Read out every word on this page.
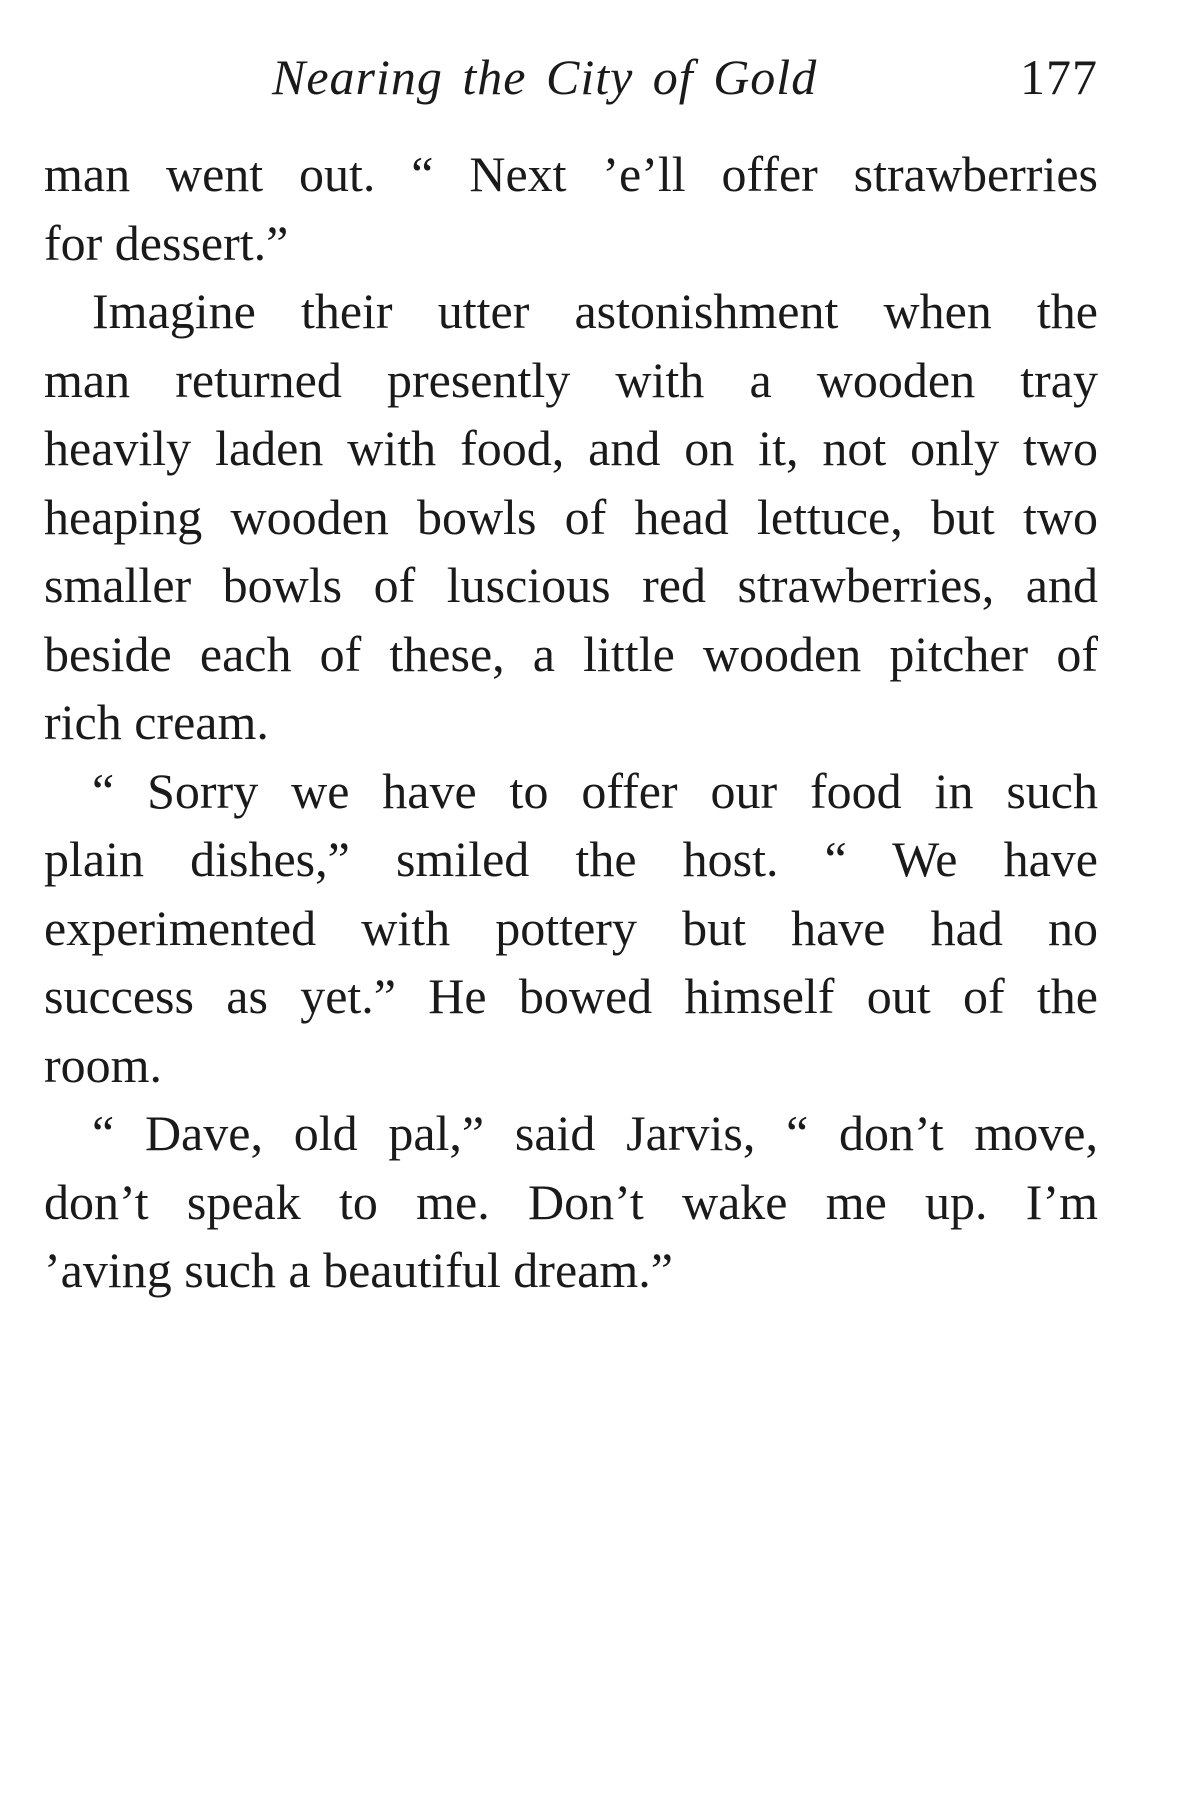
Nearing the City of Gold	177
man went out. “ Next ’e’ll offer strawberries
for dessert.”
Imagine their utter astonishment when the
man returned presently with a wooden tray
heavily laden with food, and on it, not only two
heaping wooden bowls of head lettuce, but two
smaller bowls of luscious red strawberries, and
beside each of these, a little wooden pitcher of
rich cream.
“ Sorry we have to offer our food in such
plain dishes,” smiled the host. “ We have
experimented with pottery but have had no
success as yet.” He bowed himself out of the
room.
“ Dave, old pal,” said Jarvis, “ don’t move,
don’t speak to me. Don’t wake me up. I’m
’aving such a beautiful dream.”
